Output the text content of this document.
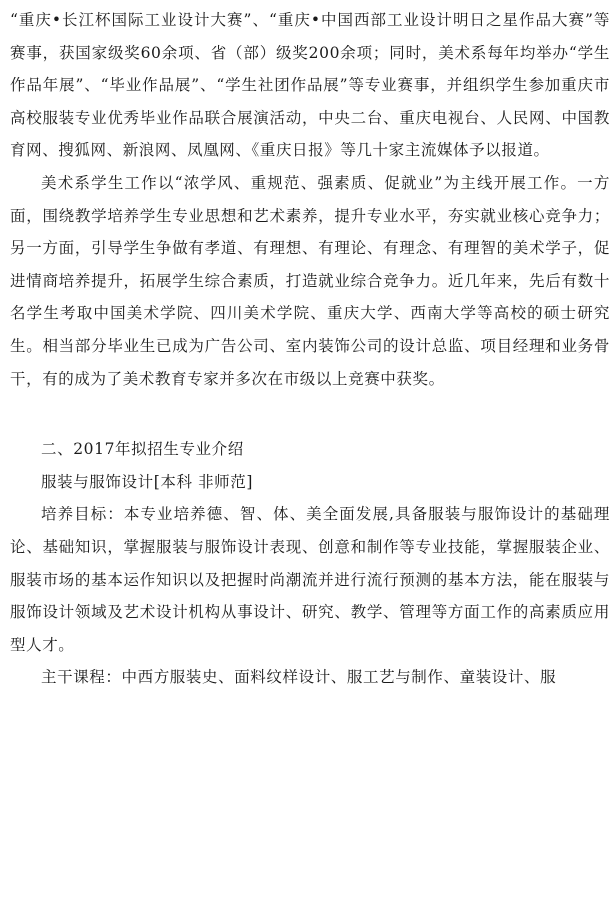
“重庆•长江杯国际工业设计大赛”、“重庆•中国西部工业设计明日之星作品大赛”等赛事，获国家级奖60余项、省（部）级奖200余项；同时，美术系每年均举办“学生作品年展”、“毕业作品展”、“学生社团作品展”等专业赛事，并组织学生参加重庆市高校服装专业优秀毕业作品联合展演活动，中央二台、重庆电视台、人民网、中国教育网、搜狐网、新浪网、凤凰网、《重庆日报》等几十家主流媒体予以报道。

美术系学生工作以“浓学风、重规范、强素质、促就业”为主线开展工作。一方面，围绕教学培养学生专业思想和艺术素养，提升专业水平，夯实就业核心竞争力；另一方面，引导学生争做有孝道、有理想、有理论、有理念、有理智的美术学子，促进情商培养提升，拓展学生综合素质，打造就业综合竞争力。近几年来，先后有数十名学生考取中国美术学院、四川美术学院、重庆大学、西南大学等高校的硕士研究生。相当部分毕业生已成为广告公司、室内装饰公司的设计总监、项目经理和业务骨干，有的成为了美术教育专家并多次在市级以上竞赛中获奖。

二、2017年拟招生专业介绍

服装与服饰设计[本科 非师范]

培养目标：本专业培养德、智、体、美全面发展,具备服装与服饰设计的基础理论、基础知识，掌握服装与服饰设计表现、创意和制作等专业技能，掌握服装企业、服装市场的基本运作知识以及把握时尚潮流并进行流行预测的基本方法，能在服装与服饰设计领域及艺术设计机构从事设计、研究、教学、管理等方面工作的高素质应用型人才。

主干课程：中西方服装史、面料纹样设计、服工艺与制作、童装设计、服
